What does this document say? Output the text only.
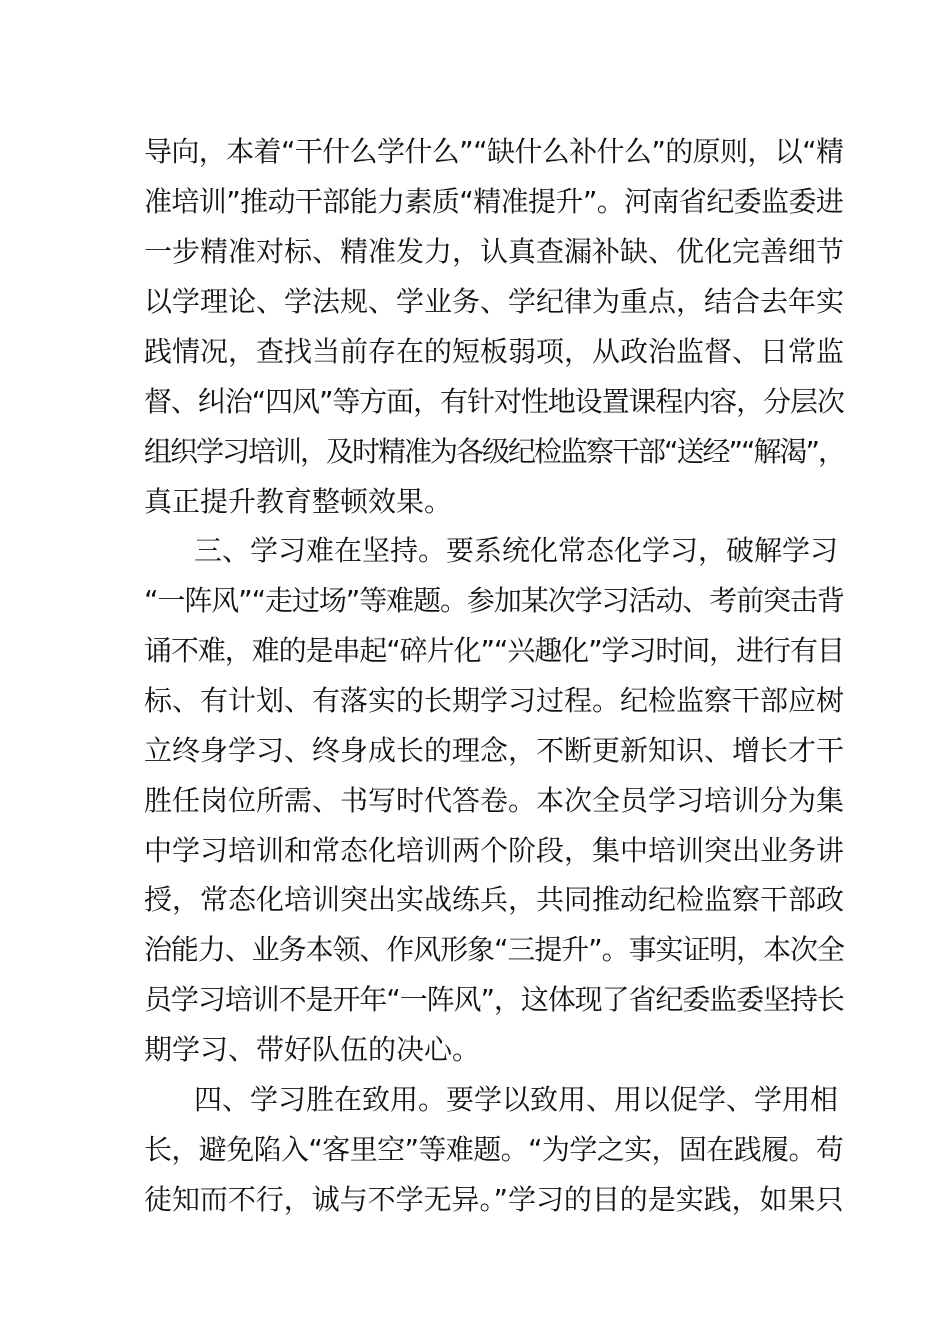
导向，本着“干什么学什么”“缺什么补什么”的原则，以“精
准培训”推动干部能力素质“精准提升”。河南省纪委监委进
一步精准对标、精准发力，认真查漏补缺、优化完善细节
以学理论、学法规、学业务、学纪律为重点，结合去年实
践情况，查找当前存在的短板弱项，从政治监督、日常监
督、纠治“四风”等方面，有针对性地设置课程内容，分层次
组织学习培训，及时精准为各级纪检监察干部“送经”“解渴”，
真正提升教育整顿效果。
三、学习难在坚持。要系统化常态化学习，破解学习
“一阵风”“走过场”等难题。参加某次学习活动、考前突击背
诵不难，难的是串起“碎片化”“兴趣化”学习时间，进行有目
标、有计划、有落实的长期学习过程。纪检监察干部应树
立终身学习、终身成长的理念，不断更新知识、增长才干
胜任岗位所需、书写时代答卷。本次全员学习培训分为集
中学习培训和常态化培训两个阶段，集中培训突出业务讲
授，常态化培训突出实战练兵，共同推动纪检监察干部政
治能力、业务本领、作风形象“三提升”。事实证明，本次全
员学习培训不是开年“一阵风”，这体现了省纪委监委坚持长
期学习、带好队伍的决心。
四、学习胜在致用。要学以致用、用以促学、学用相
长，避免陷入“客里空”等难题。“为学之实，固在践履。苟
徒知而不行，诚与不学无异。”学习的目的是实践，如果只
